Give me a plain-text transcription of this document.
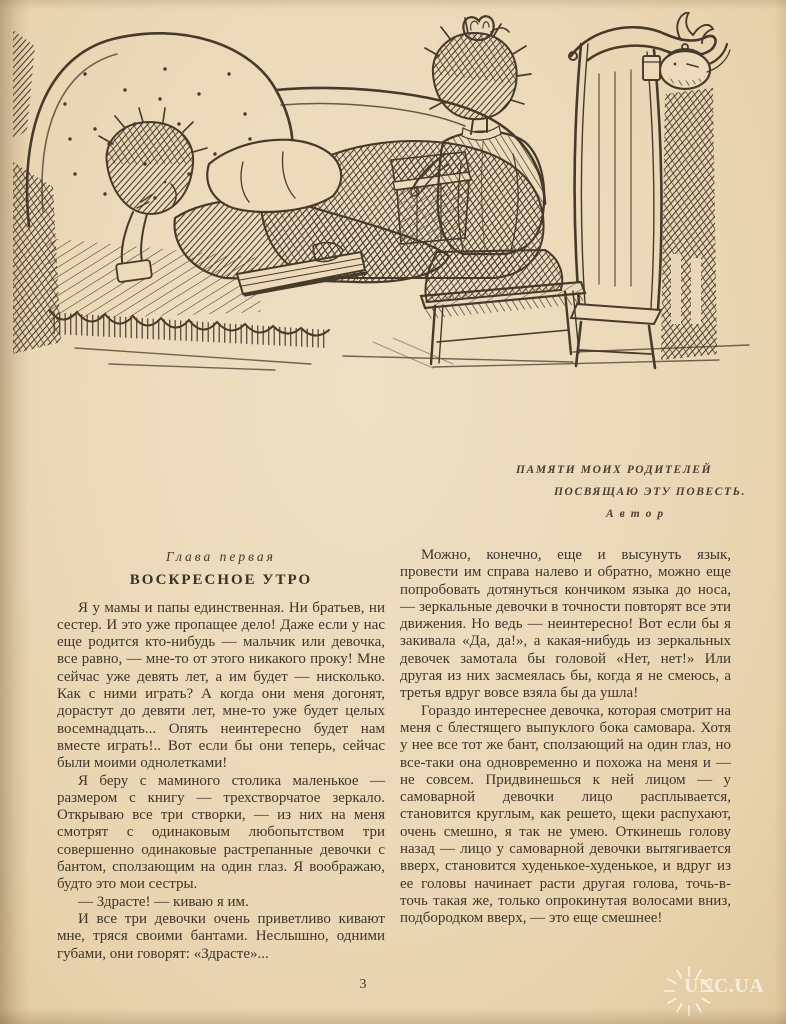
ПАМЯТИ МОИХ РОДИТЕЛЕЙ
ПОСВЯЩАЮ ЭТУ ПОВЕСТЬ.
Автор
Глава первая
ВОСКРЕСНОЕ УТРО

Я у мамы и папы единственная. Ни братьев, ни сестер. И это уже пропащее дело! Даже если у нас еще родится кто-нибудь — мальчик или девочка, все равно, — мне-то от этого никакого проку! Мне сейчас уже девять лет, а им будет — нисколько. Как с ними играть? А когда они меня догонят, дорастут до девяти лет, мне-то уже будет целых восемнадцать... Опять неинтересно будет нам вместе играть!.. Вот если бы они теперь, сейчас были моими однолетками!

Я беру с маминого столика маленькое — размером с книгу — трехстворчатое зеркало. Открываю все три створки, — из них на меня смотрят с одинаковым любопытством три совершенно одинаковые растрепанные девочки с бантом, сползающим на один глаз. Я воображаю, будто это мои сестры.

— Здрасте! — киваю я им.

И все три девочки очень приветливо кивают мне, тряся своими бантами. Неслышно, одними губами, они говорят: «Здрасте»...

Можно, конечно, еще и высунуть язык, провести им справа налево и обратно, можно еще попробовать дотянуться кончиком языка до носа, — зеркальные девочки в точности повторят все эти движения. Но ведь — неинтересно! Вот если бы я закивала «Да, да!», а какая-нибудь из зеркальных девочек замотала бы головой «Нет, нет!» Или другая из них засмеялась бы, когда я не смеюсь, а третья вдруг вовсе взяла бы да ушла!

Гораздо интереснее девочка, которая смотрит на меня с блестящего выпуклого бока самовара. Хотя у нее все тот же бант, сползающий на один глаз, но все-таки она одновременно и похожа на меня и — не совсем. Придвинешься к ней лицом — у самоварной девочки лицо расплывается, становится круглым, как решето, щеки распухают, очень смешно, я так не умею. Откинешь голову назад — лицо у самоварной девочки вытягивается вверх, становится худенькое-худенькое, и вдруг из ее головы начинает расти другая голова, точь-в-точь такая же, только опрокинутая волосами вниз, подбородком вверх, — это еще смешнее!

3	UNC.UA
